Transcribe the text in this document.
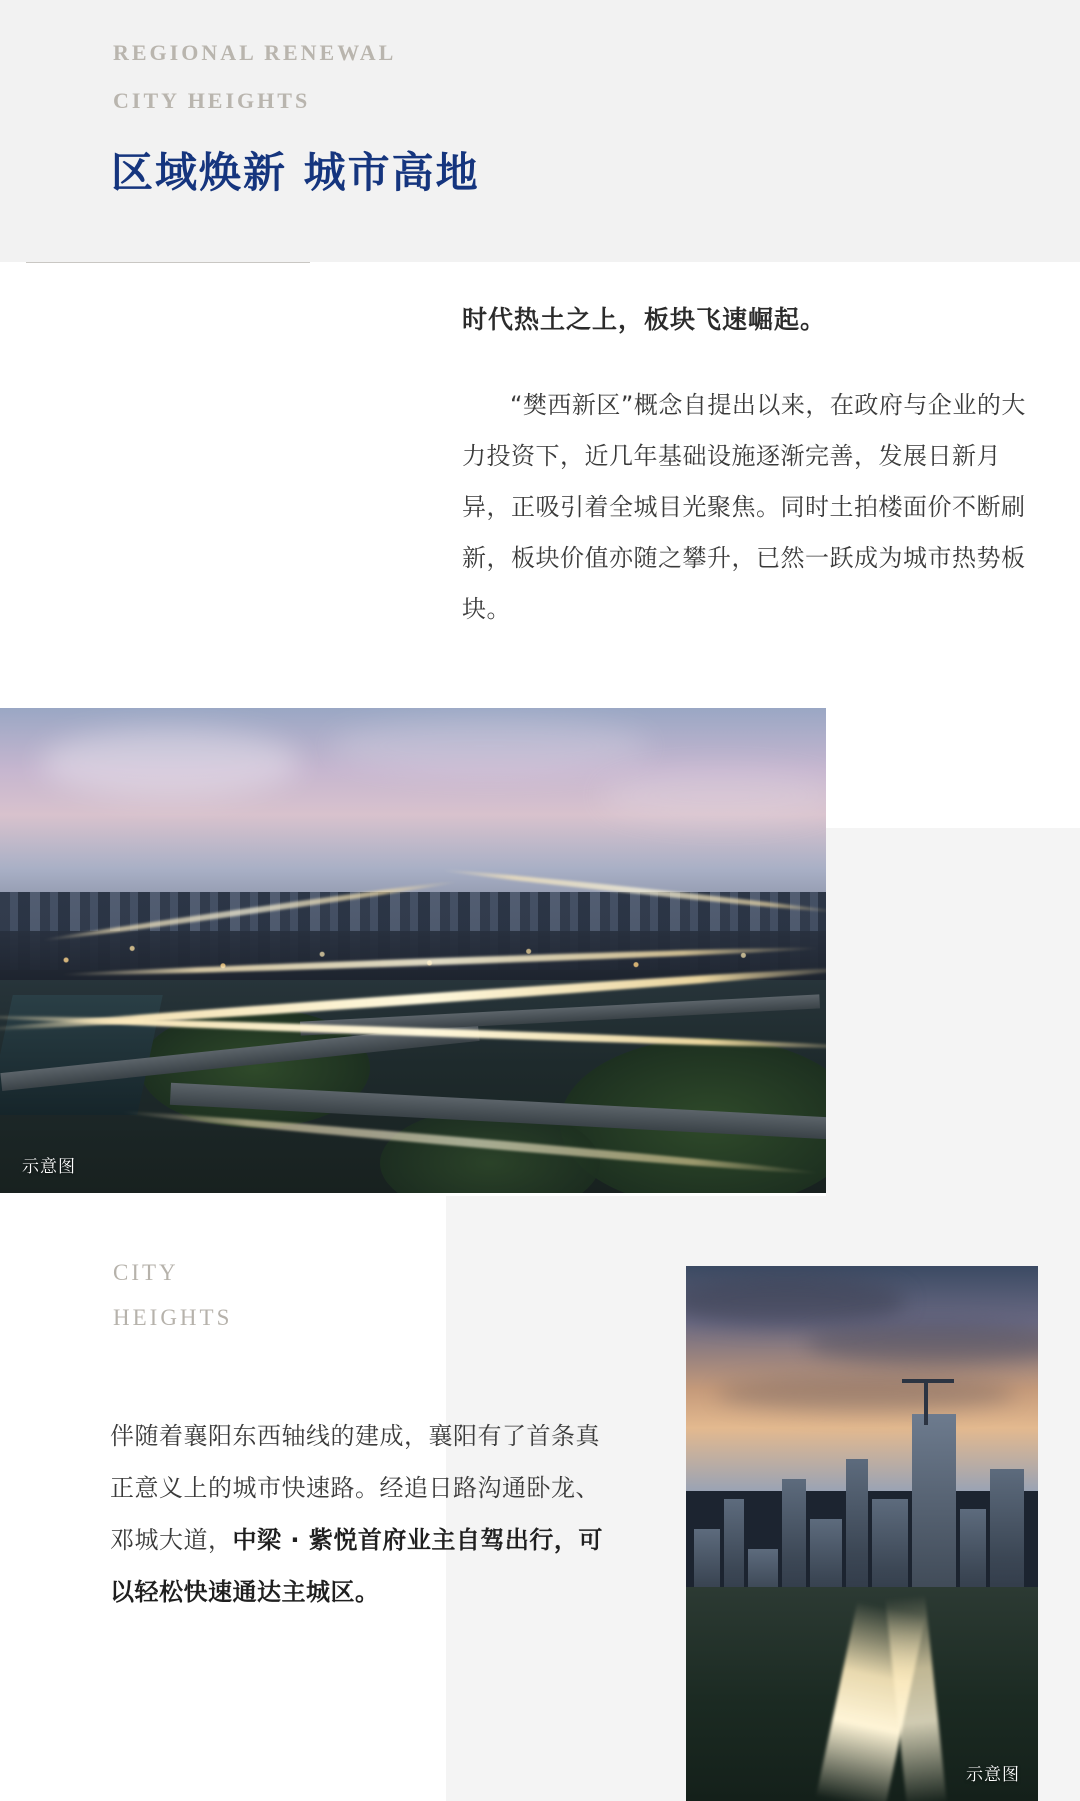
REGIONAL RENEWAL
CITY HEIGHTS
区域焕新 城市高地
时代热土之上，板块飞速崛起。
“樊西新区”概念自提出以来，在政府与企业的大力投资下，近几年基础设施逐渐完善，发展日新月异，正吸引着全城目光聚焦。同时土拍楼面价不断刷新，板块价值亦随之攀升，已然一跃成为城市热势板块。
示意图
CITY
HEIGHTS
伴随着襄阳东西轴线的建成，襄阳有了首条真正意义上的城市快速路。经追日路沟通卧龙、邓城大道，中梁 · 紫悦首府业主自驾出行，可以轻松快速通达主城区。
示意图
